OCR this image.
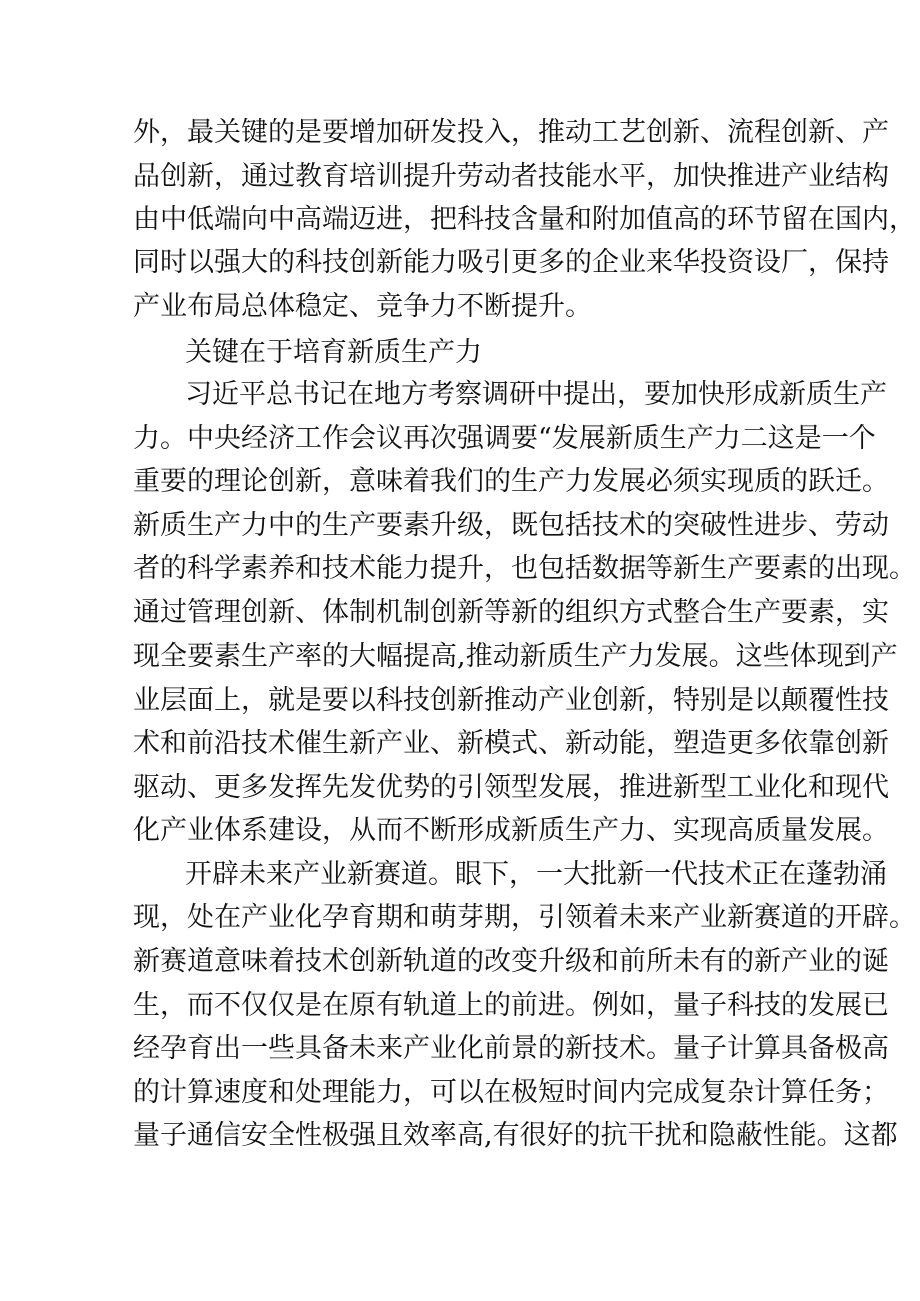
外，最关键的是要增加研发投入，推动工艺创新、流程创新、产
品创新，通过教育培训提升劳动者技能水平，加快推进产业结构
由中低端向中高端迈进，把科技含量和附加值高的环节留在国内，
同时以强大的科技创新能力吸引更多的企业来华投资设厂，保持
产业布局总体稳定、竞争力不断提升。
关键在于培育新质生产力
习近平总书记在地方考察调研中提出，要加快形成新质生产
力。中央经济工作会议再次强调要“发展新质生产力二这是一个
重要的理论创新，意味着我们的生产力发展必须实现质的跃迁。
新质生产力中的生产要素升级，既包括技术的突破性进步、劳动
者的科学素养和技术能力提升，也包括数据等新生产要素的出现。
通过管理创新、体制机制创新等新的组织方式整合生产要素，实
现全要素生产率的大幅提高,推动新质生产力发展。这些体现到产
业层面上，就是要以科技创新推动产业创新，特别是以颠覆性技
术和前沿技术催生新产业、新模式、新动能，塑造更多依靠创新
驱动、更多发挥先发优势的引领型发展，推进新型工业化和现代
化产业体系建设，从而不断形成新质生产力、实现高质量发展。
开辟未来产业新赛道。眼下，一大批新一代技术正在蓬勃涌
现，处在产业化孕育期和萌芽期，引领着未来产业新赛道的开辟。
新赛道意味着技术创新轨道的改变升级和前所未有的新产业的诞
生，而不仅仅是在原有轨道上的前进。例如，量子科技的发展已
经孕育出一些具备未来产业化前景的新技术。量子计算具备极高
的计算速度和处理能力，可以在极短时间内完成复杂计算任务；
量子通信安全性极强且效率高,有很好的抗干扰和隐蔽性能。这都
